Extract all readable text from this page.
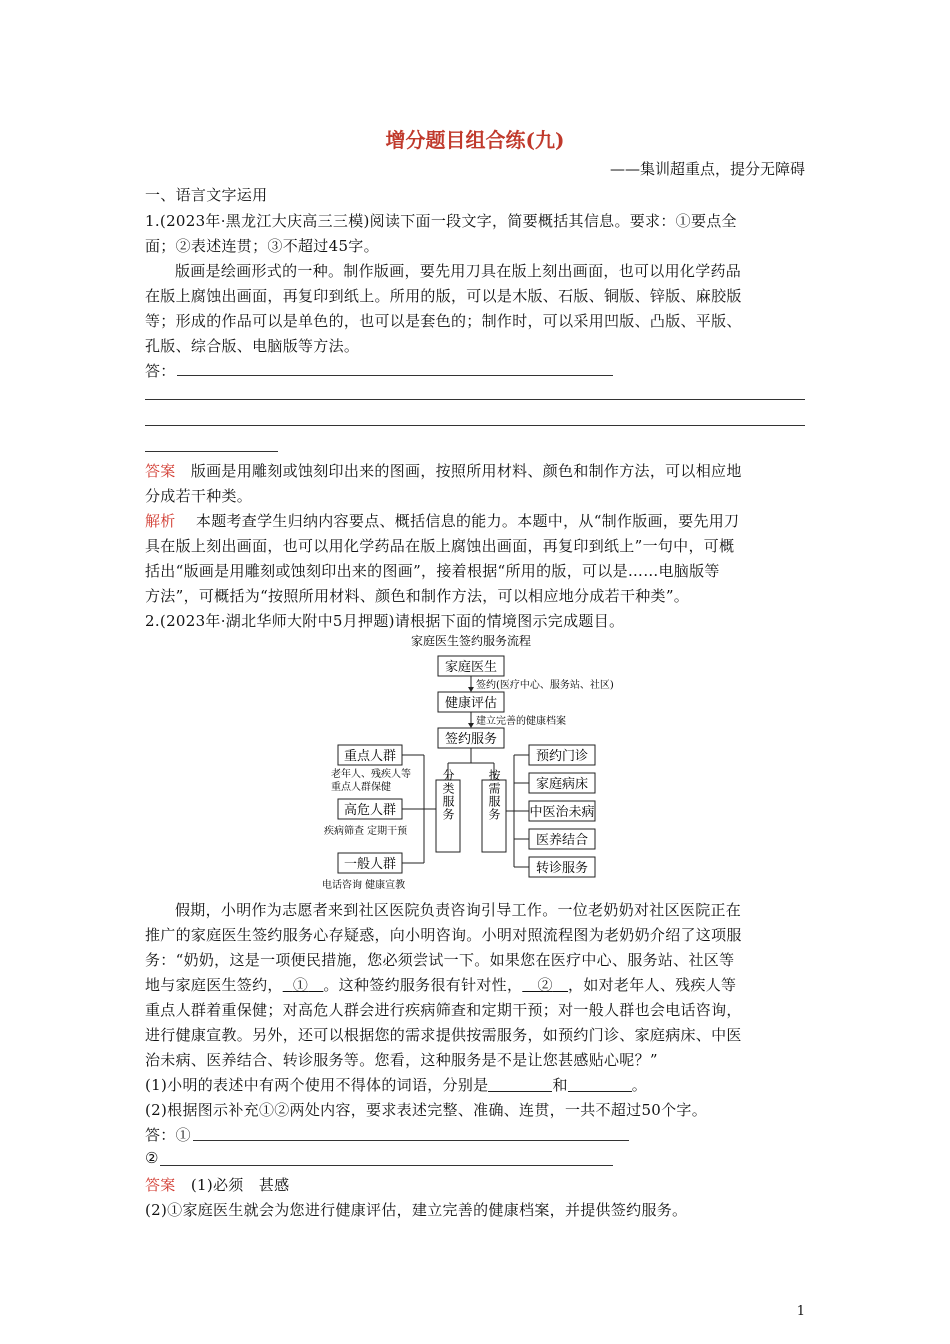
增分题目组合练(九)
——集训超重点，提分无障碍
一、语言文字运用
1.(2023年·黑龙江大庆高三三模)阅读下面一段文字，简要概括其信息。要求：①要点全
面；②表述连贯；③不超过45字。
版画是绘画形式的一种。制作版画，要先用刀具在版上刻出画面，也可以用化学药品
在版上腐蚀出画面，再复印到纸上。所用的版，可以是木版、石版、铜版、锌版、麻胶版
等；形成的作品可以是单色的，也可以是套色的；制作时，可以采用凹版、凸版、平版、
孔版、综合版、电脑版等方法。
答：
答案 版画是用雕刻或蚀刻印出来的图画，按照所用材料、颜色和制作方法，可以相应地
分成若干种类。
解析 本题考查学生归纳内容要点、概括信息的能力。本题中，从“制作版画，要先用刀
具在版上刻出画面，也可以用化学药品在版上腐蚀出画面，再复印到纸上”一句中，可概
括出“版画是用雕刻或蚀刻印出来的图画”，接着根据“所用的版，可以是……电脑版等
方法”，可概括为“按照所用材料、颜色和制作方法，可以相应地分成若干种类”。
2.(2023年·湖北华师大附中5月押题)请根据下面的情境图示完成题目。
家庭医生签约服务流程
家庭医生
签约(医疗中心、服务站、社区)
健康评估
建立完善的健康档案
签约服务
重点人群
老年人、残疾人等
重点人群保健
高危人群
疾病筛查 定期干预
一般人群
电话咨询 健康宣教
分类服务	按需服务
预约门诊
家庭病床
中医治未病
医养结合
转诊服务
假期，小明作为志愿者来到社区医院负责咨询引导工作。一位老奶奶对社区医院正在
推广的家庭医生签约服务心存疑惑，向小明咨询。小明对照流程图为老奶奶介绍了这项服
务：“奶奶，这是一项便民措施，您必须尝试一下。如果您在医疗中心、服务站、社区等
地与家庭医生签约， ① 。这种签约服务很有针对性， ② ，如对老年人、残疾人等
重点人群着重保健；对高危人群会进行疾病筛查和定期干预；对一般人群也会电话咨询，
进行健康宣教。另外，还可以根据您的需求提供按需服务，如预约门诊、家庭病床、中医
治未病、医养结合、转诊服务等。您看，这种服务是不是让您甚感贴心呢？”
(1)小明的表述中有两个使用不得体的词语，分别是	和	。
(2)根据图示补充①②两处内容，要求表述完整、准确、连贯，一共不超过50个字。
答：①
②
答案 (1)必须　甚感
(2)①家庭医生就会为您进行健康评估，建立完善的健康档案，并提供签约服务。
1
